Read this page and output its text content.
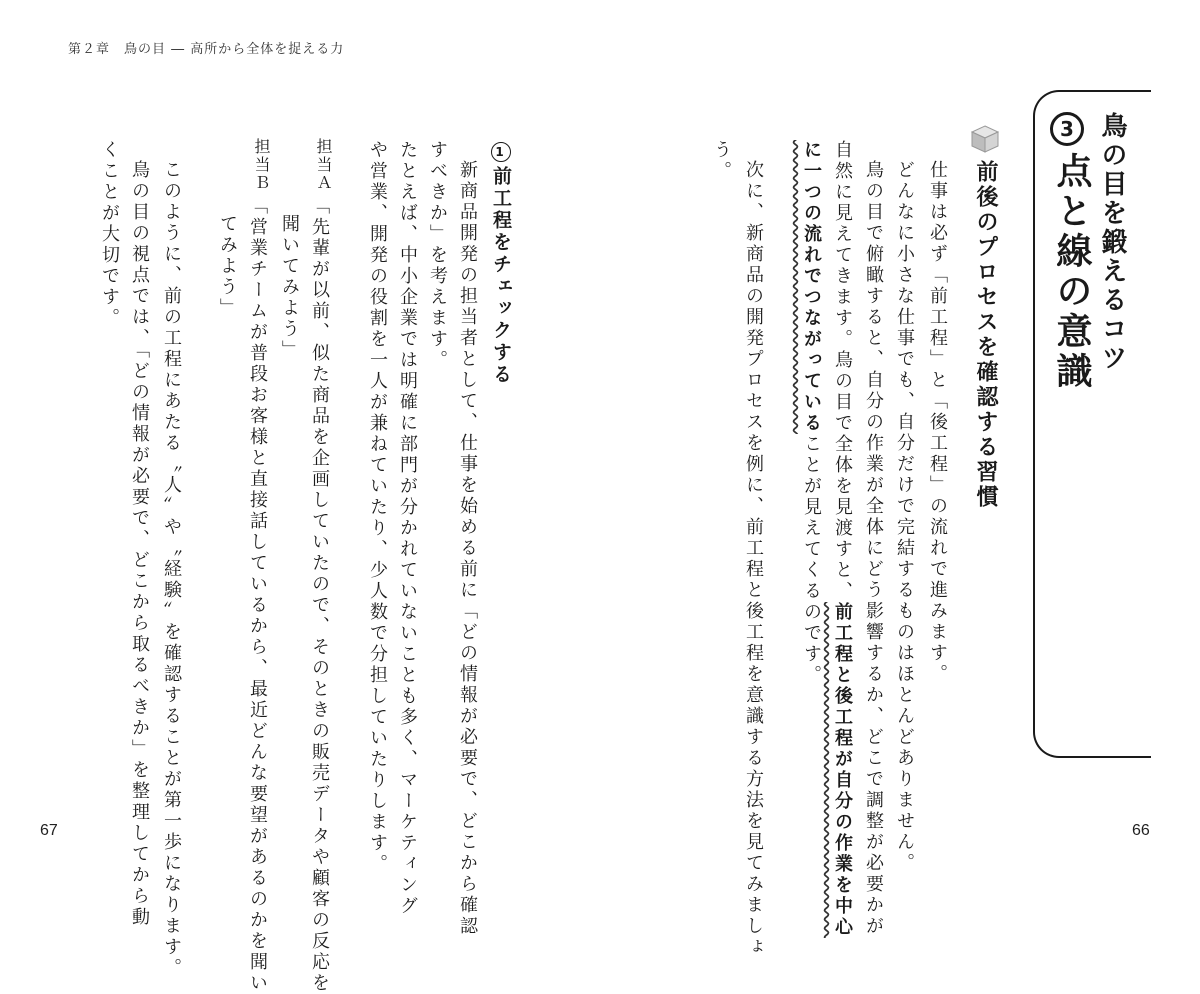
第２章　鳥の目 ― 高所から全体を捉える力
鳥の目を鍛えるコツ
3
点と線の意識
前後のプロセスを確認する習慣
仕事は必ず「前工程」と「後工程」の流れで進みます。
どんなに小さな仕事でも、自分だけで完結するものはほとんどありません。
鳥の目で俯瞰すると、自分の作業が全体にどう影響するか、どこで調整が必要かが
自然に見えてきます。鳥の目で全体を見渡すと、前工程と後工程が自分の作業を中心
に一つの流れでつながっていることが見えてくるのです。
次に、新商品の開発プロセスを例に、前工程と後工程を意識する方法を見てみましょ
う。
1前工程をチェックする
新商品開発の担当者として、仕事を始める前に「どの情報が必要で、どこから確認
すべきか」を考えます。
たとえば、中小企業では明確に部門が分かれていないことも多く、マーケティング
や営業、開発の役割を一人が兼ねていたり、少人数で分担していたりします。
担当Ａ
「先輩が以前、似た商品を企画していたので、そのときの販売データや顧客の反応を
聞いてみよう」
担当Ｂ
「営業チームが普段お客様と直接話しているから、最近どんな要望があるのかを聞い
てみよう」
このように、前の工程にあたる〝人〟や〝経験〟を確認することが第一歩になります。
鳥の目の視点では、「どの情報が必要で、どこから取るべきか」を整理してから動
くことが大切です。
67	66
